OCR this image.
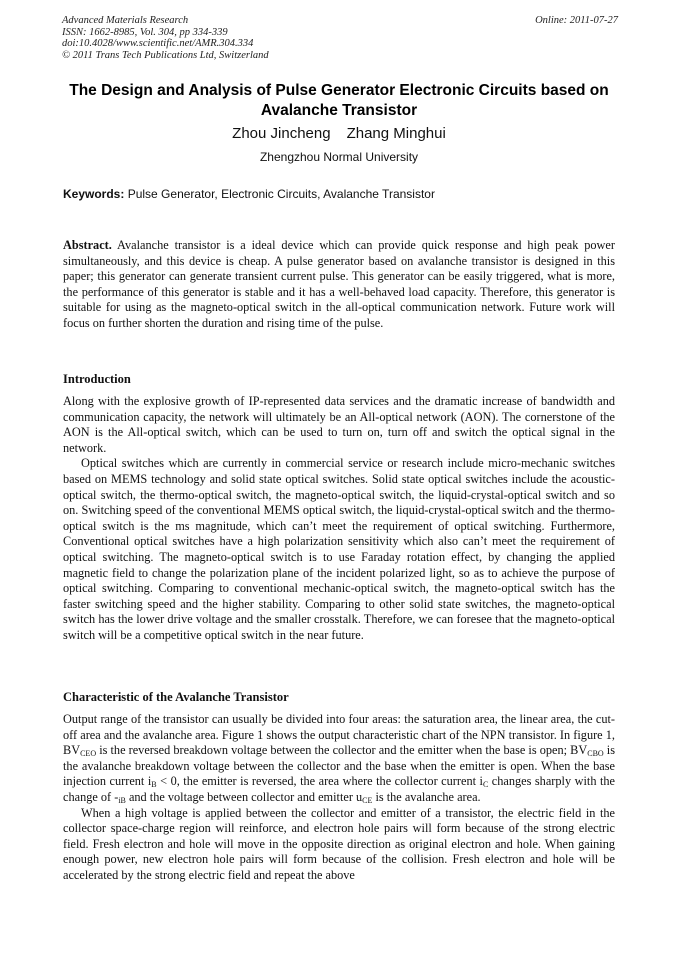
Advanced Materials Research
ISSN: 1662-8985, Vol. 304, pp 334-339
doi:10.4028/www.scientific.net/AMR.304.334
© 2011 Trans Tech Publications Ltd, Switzerland
Online: 2011-07-27
The Design and Analysis of Pulse Generator Electronic Circuits based on Avalanche Transistor
Zhou Jincheng Zhang Minghui
Zhengzhou Normal University
Keywords: Pulse Generator, Electronic Circuits, Avalanche Transistor

Abstract. Avalanche transistor is a ideal device which can provide quick response and high peak power simultaneously, and this device is cheap. A pulse generator based on avalanche transistor is designed in this paper; this generator can generate transient current pulse. This generator can be easily triggered, what is more, the performance of this generator is stable and it has a well-behaved load capacity. Therefore, this generator is suitable for using as the magneto-optical switch in the all-optical communication network. Future work will focus on further shorten the duration and rising time of the pulse.

Introduction

Along with the explosive growth of IP-represented data services and the dramatic increase of bandwidth and communication capacity, the network will ultimately be an All-optical network (AON). The cornerstone of the AON is the All-optical switch, which can be used to turn on, turn off and switch the optical signal in the network.

Optical switches which are currently in commercial service or research include micro-mechanic switches based on MEMS technology and solid state optical switches. Solid state optical switches include the acoustic-optical switch, the thermo-optical switch, the magneto-optical switch, the liquid-crystal-optical switch and so on. Switching speed of the conventional MEMS optical switch, the liquid-crystal-optical switch and the thermo-optical switch is the ms magnitude, which can’t meet the requirement of optical switching. Furthermore, Conventional optical switches have a high polarization sensitivity which also can’t meet the requirement of optical switching. The magneto-optical switch is to use Faraday rotation effect, by changing the applied magnetic field to change the polarization plane of the incident polarized light, so as to achieve the purpose of optical switching. Comparing to conventional mechanic-optical switch, the magneto-optical switch has the faster switching speed and the higher stability. Comparing to other solid state switches, the magneto-optical switch has the lower drive voltage and the smaller crosstalk. Therefore, we can foresee that the magneto-optical switch will be a competitive optical switch in the near future.

Characteristic of the Avalanche Transistor

Output range of the transistor can usually be divided into four areas: the saturation area, the linear area, the cut-off area and the avalanche area. Figure 1 shows the output characteristic chart of the NPN transistor. In figure 1, $BV_{CEO}$ is the reversed breakdown voltage between the collector and the emitter when the base is open; $BV_{CBO}$ is the avalanche breakdown voltage between the collector and the base when the emitter is open. When the base injection current $i_B < 0$, the emitter is reversed, the area where the collector current $i_C$ changes sharply with the change of $-_{iB}$ and the voltage between collector and emitter $u_{CE}$ is the avalanche area.

When a high voltage is applied between the collector and emitter of a transistor, the electric field in the collector space-charge region will reinforce, and electron hole pairs will form because of the strong electric field. Fresh electron and hole will move in the opposite direction as original electron and hole. When gaining enough power, new electron hole pairs will form because of the collision. Fresh electron and hole will be accelerated by the strong electric field and repeat the above
